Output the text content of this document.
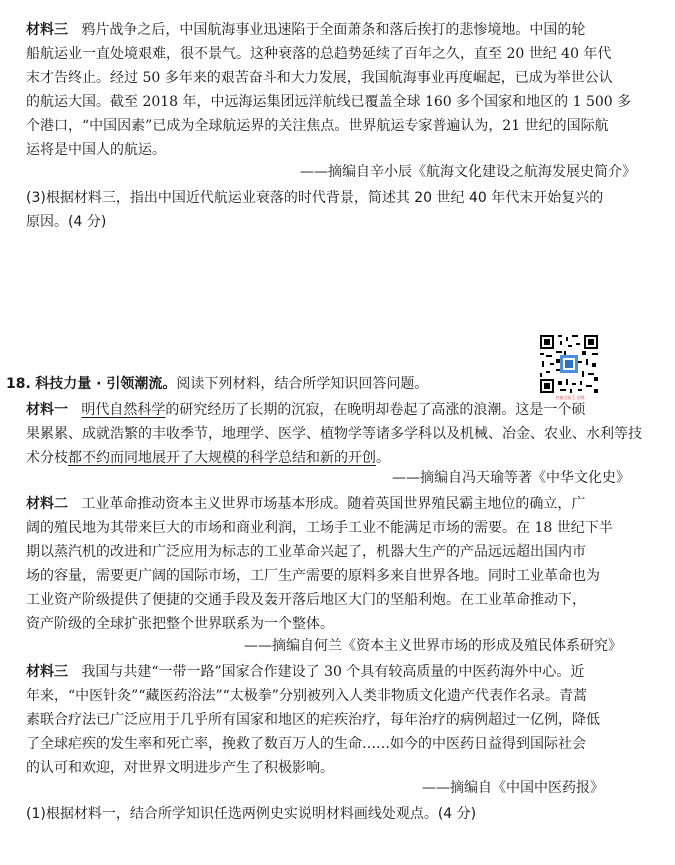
材料三 鸦片战争之后，中国航海事业迅速陷于全面萧条和落后挨打的悲惨境地。中国的轮
船航运业一直处境艰难，很不景气。这种衰落的总趋势延续了百年之久，直至 20 世纪 40 年代
末才告终止。经过 50 多年来的艰苦奋斗和大力发展，我国航海事业再度崛起，已成为举世公认
的航运大国。截至 2018 年，中远海运集团远洋航线已覆盖全球 160 多个国家和地区的 1 500 多
个港口，“中国因素”已成为全球航运界的关注焦点。世界航运专家普遍认为，21 世纪的国际航
运将是中国人的航运。
——摘编自辛小辰《航海文化建设之航海发展史简介》
(3)根据材料三，指出中国近代航运业衰落的时代背景，简述其 20 世纪 40 年代末开始复兴的
原因。(4 分)
扫描全能王 创建
18. 科技力量 · 引领潮流。阅读下列材料，结合所学知识回答问题。
材料一 明代自然科学的研究经历了长期的沉寂，在晚明却卷起了高涨的浪潮。这是一个硕
果累累、成就浩繁的丰收季节，地理学、医学、植物学等诸多学科以及机械、冶金、农业、水利等技
术分枝都不约而同地展开了大规模的科学总结和新的开创。
——摘编自冯天瑜等著《中华文化史》
材料二 工业革命推动资本主义世界市场基本形成。随着英国世界殖民霸主地位的确立，广
阔的殖民地为其带来巨大的市场和商业利润，工场手工业不能满足市场的需要。在 18 世纪下半
期以蒸汽机的改进和广泛应用为标志的工业革命兴起了，机器大生产的产品远远超出国内市
场的容量，需要更广阔的国际市场，工厂生产需要的原料多来自世界各地。同时工业革命也为
工业资产阶级提供了便捷的交通手段及轰开落后地区大门的坚船利炮。在工业革命推动下，
资产阶级的全球扩张把整个世界联系为一个整体。
——摘编自何兰《资本主义世界市场的形成及殖民体系研究》
材料三 我国与共建“一带一路”国家合作建设了 30 个具有较高质量的中医药海外中心。近
年来，“中医针灸”“藏医药浴法”“太极拳”分别被列入人类非物质文化遗产代表作名录。青蒿
素联合疗法已广泛应用于几乎所有国家和地区的疟疾治疗，每年治疗的病例超过一亿例，降低
了全球疟疾的发生率和死亡率，挽救了数百万人的生命……如今的中医药日益得到国际社会
的认可和欢迎，对世界文明进步产生了积极影响。
——摘编自《中国中医药报》
(1)根据材料一，结合所学知识任选两例史实说明材料画线处观点。(4 分)
